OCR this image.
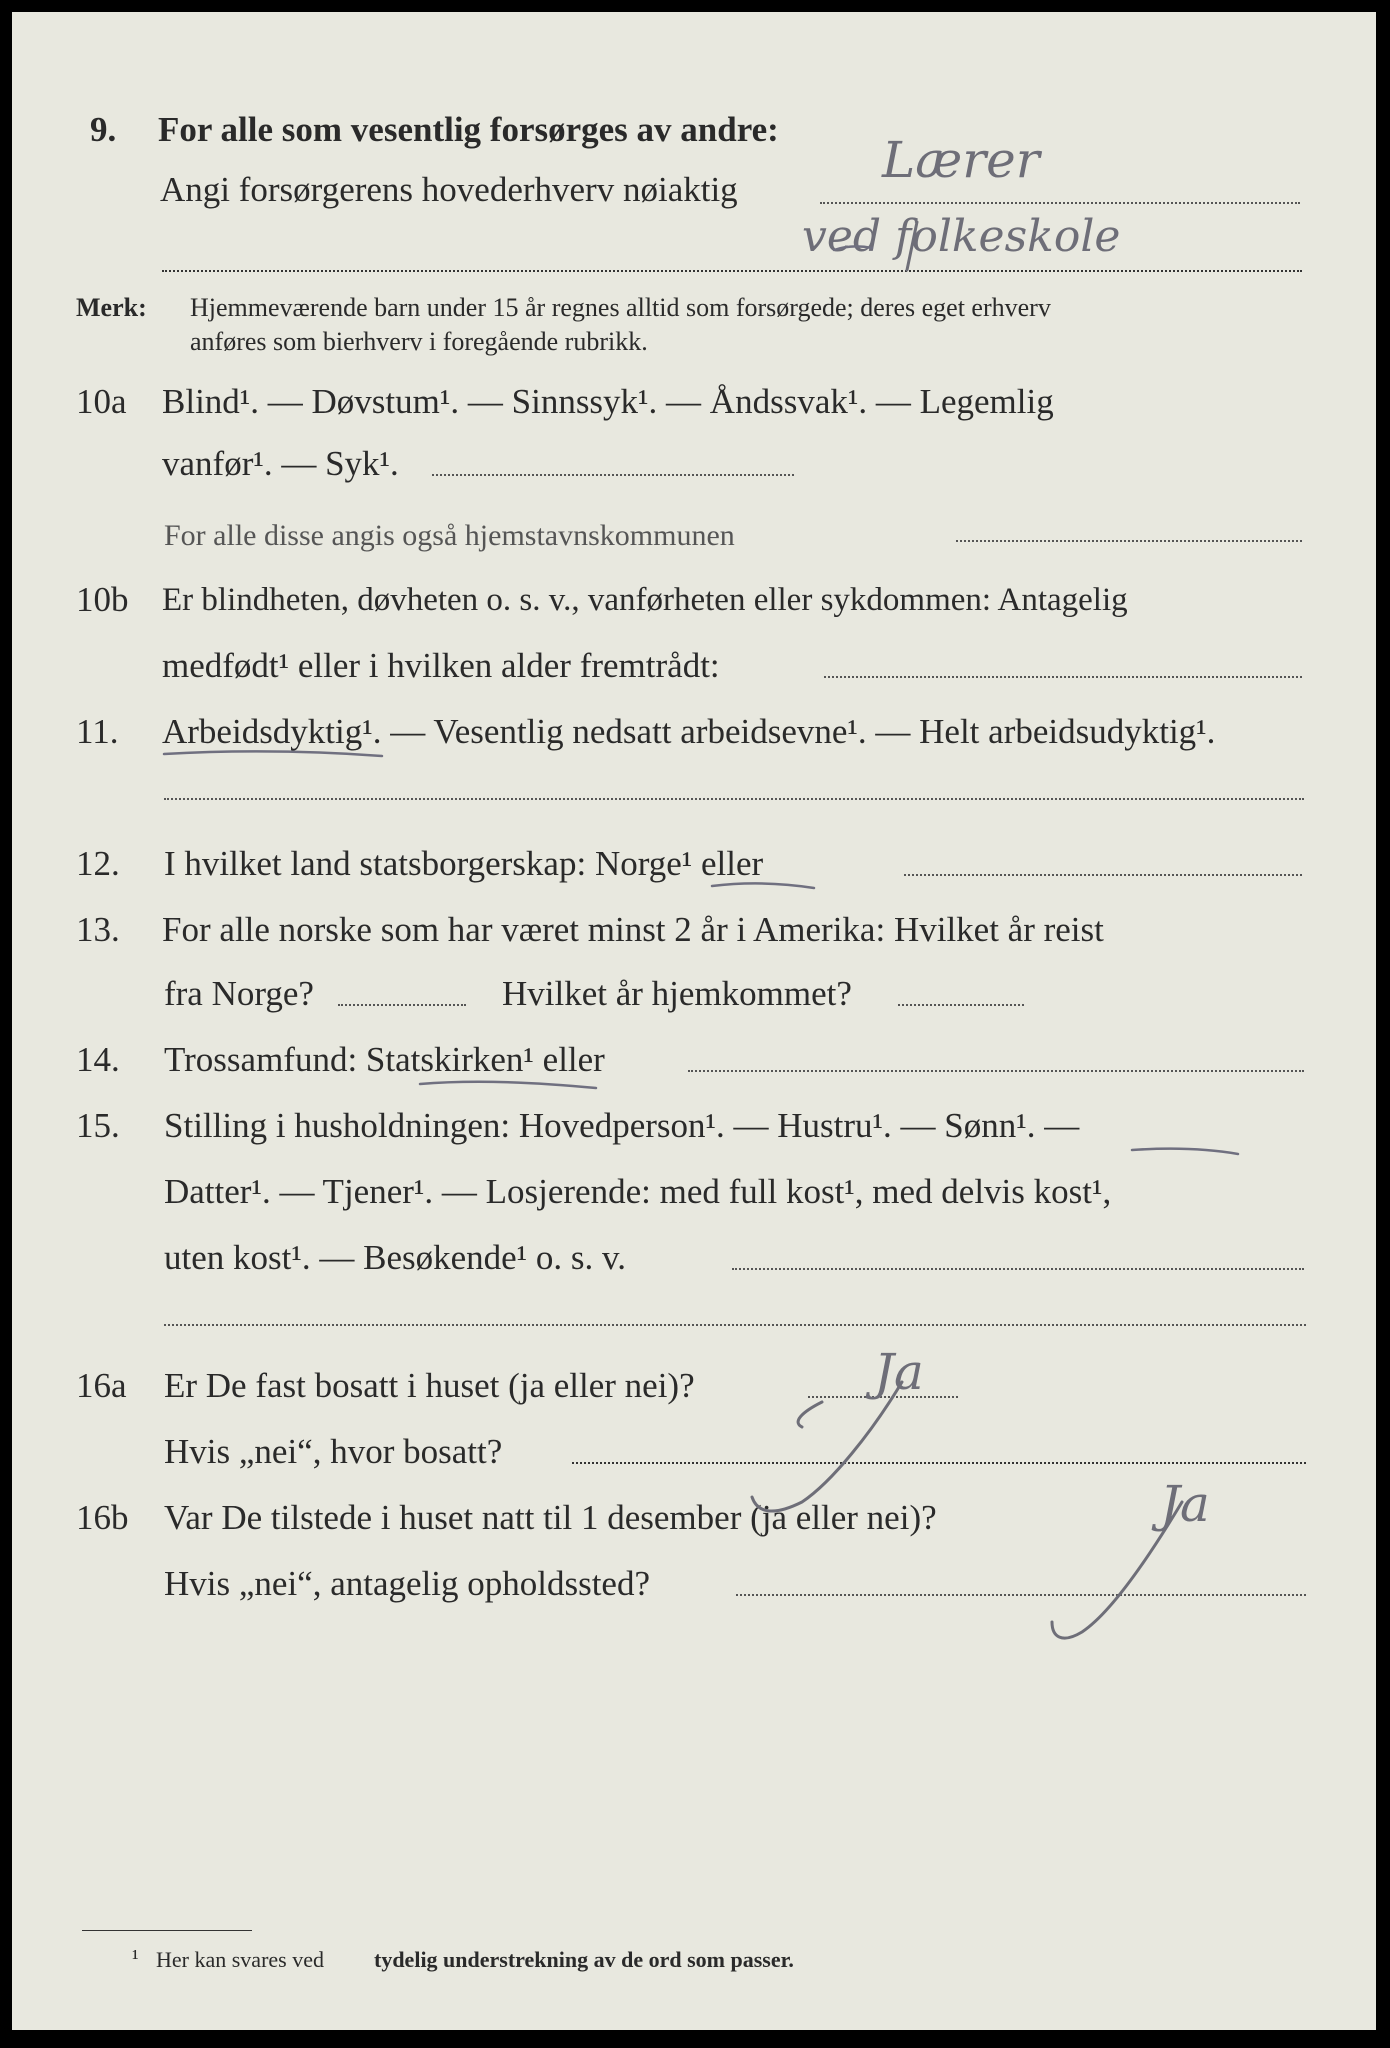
9. For alle som vesentlig forsørges av andre:
Angi forsørgerens hovederhverv nøiaktig
Lærer
ved folkeskole
Merk: Hjemmeværende barn under 15 år regnes alltid som forsørgede; deres eget erhverv
anføres som bierhverv i foregående rubrikk.
10a Blind¹. — Døvstum¹. — Sinnssyk¹. — Åndssvak¹. — Legemlig
vanfør¹. — Syk¹.
For alle disse angis også hjemstavnskommunen
10b Er blindheten, døvheten o. s. v., vanførheten eller sykdommen: Antagelig
medfødt¹ eller i hvilken alder fremtrådt:
11. Arbeidsdyktig¹. — Vesentlig nedsatt arbeidsevne¹. — Helt arbeidsudyktig¹.
12. I hvilket land statsborgerskap: Norge¹ eller
13. For alle norske som har været minst 2 år i Amerika: Hvilket år reist
fra Norge?	Hvilket år hjemkommet?
14. Trossamfund: Statskirken¹ eller
15. Stilling i husholdningen: Hovedperson¹. — Hustru¹. — Sønn¹. —
Datter¹. — Tjener¹. — Losjerende: med full kost¹, med delvis kost¹,
uten kost¹. — Besøkende¹ o. s. v.
16a Er De fast bosatt i huset (ja eller nei)?	Ja
Hvis „nei“, hvor bosatt?
16b Var De tilstede i huset natt til 1 desember (ja eller nei)?	Ja
Hvis „nei“, antagelig opholdssted?
¹ Her kan svares ved tydelig understrekning av de ord som passer.
